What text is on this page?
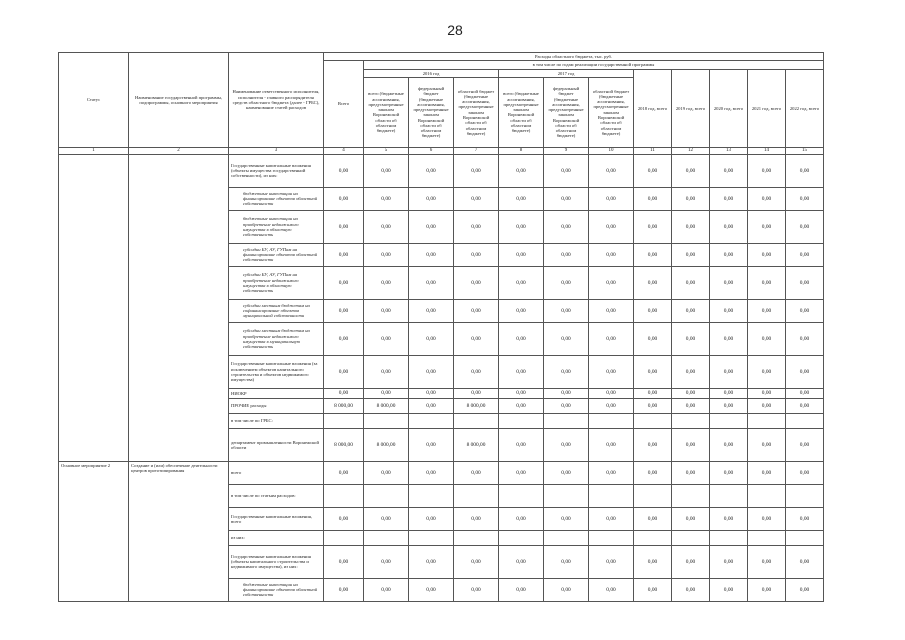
28
Статус	Наименование государственной программы, подпрограммы, основного мероприятия	Наименование ответственного исполнителя, исполнителя - главного распорядителя средств областного бюджета (далее - ГРБС), наименование статей расходов	Расходы областного бюджета, тыс. руб.											
			Всего	в том числе по годам реализации государственной программы										
				2016 год			2017 год			2018 год, всего	2019 год, всего	2020 год, всего	2021 год, всего	2022 год, всего
				всего (бюджетные ассигнования, предусмотренные законом Воронежской области об областном бюджете)	федеральный бюджет (бюджетные ассигнования, предусмотренные законом Воронежской области об областном бюджете)	областной бюджет (бюджетные ассигнования, предусмотренные законом Воронежской области об областном бюджете)	всего (бюджетные ассигнования, предусмотренные законом Воронежской области об областном бюджете)	федеральный бюджет (бюджетные ассигнования, предусмотренные законом Воронежской области об областном бюджете)	областной бюджет (бюджетные ассигнования, предусмотренные законом Воронежской области об областном бюджете)					
1	2	3	4	5	6	7	8	9	10	11	12	13	14	15
		Государственные капитальные вложения (объекты имущества государственной собственности), из них:	0,00	0,00	0,00	0,00	0,00	0,00	0,00	0,00	0,00	0,00	0,00	0,00
		бюджетные инвестиции на финансирование объектов областной собственности	0,00	0,00	0,00	0,00	0,00	0,00	0,00	0,00	0,00	0,00	0,00	0,00
		бюджетные инвестиции на приобретение недвижимого имущества в областную собственность	0,00	0,00	0,00	0,00	0,00	0,00	0,00	0,00	0,00	0,00	0,00	0,00
		субсидии БУ, АУ, ГУПам на финансирование объектов областной собственности	0,00	0,00	0,00	0,00	0,00	0,00	0,00	0,00	0,00	0,00	0,00	0,00
		субсидии БУ, АУ, ГУПам на приобретение недвижимого имущества в областную собственность	0,00	0,00	0,00	0,00	0,00	0,00	0,00	0,00	0,00	0,00	0,00	0,00
		субсидии местным бюджетам на софинансирование объектов муниципальной собственности	0,00	0,00	0,00	0,00	0,00	0,00	0,00	0,00	0,00	0,00	0,00	0,00
		субсидии местным бюджетам на приобретение недвижимого имущества в муниципальную собственность	0,00	0,00	0,00	0,00	0,00	0,00	0,00	0,00	0,00	0,00	0,00	0,00
		Государственные капитальные вложения (за исключением объектов капитального строительства и объектов недвижимого имущества)	0,00	0,00	0,00	0,00	0,00	0,00	0,00	0,00	0,00	0,00	0,00	0,00
		НИОКР	0,00	0,00	0,00	0,00	0,00	0,00	0,00	0,00	0,00	0,00	0,00	0,00
		ПРОЧИЕ расходы	8 000,00	8 000,00	0,00	8 000,00	0,00	0,00	0,00	0,00	0,00	0,00	0,00	0,00
		в том числе по ГРБС:												
		департамент промышленности Воронежской области	8 000,00	8 000,00	0,00	8 000,00	0,00	0,00	0,00	0,00	0,00	0,00	0,00	0,00
Основное мероприятие 2	Создание и (или) обеспечение деятельности центров прототипирования	всего	0,00	0,00	0,00	0,00	0,00	0,00	0,00	0,00	0,00	0,00	0,00	0,00
		в том числе по статьям расходов:												
		Государственные капитальные вложения, всего	0,00	0,00	0,00	0,00	0,00	0,00	0,00	0,00	0,00	0,00	0,00	0,00
		из них:												
		Государственные капитальные вложения (объекты капитального строительства и недвижимого имущества), из них:	0,00	0,00	0,00	0,00	0,00	0,00	0,00	0,00	0,00	0,00	0,00	0,00
		бюджетные инвестиции на финансирование объектов областной собственности	0,00	0,00	0,00	0,00	0,00	0,00	0,00	0,00	0,00	0,00	0,00	0,00
